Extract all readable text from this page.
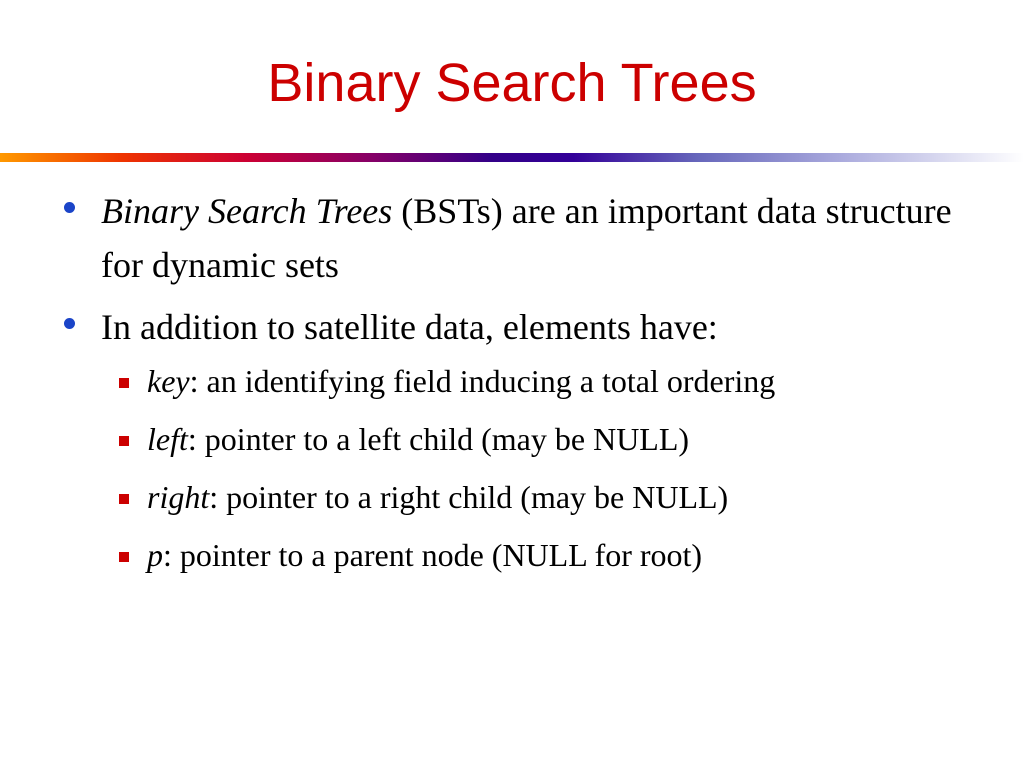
Binary Search Trees
Binary Search Trees (BSTs) are an important data structure for dynamic sets
In addition to satellite data, elements have:
key: an identifying field inducing a total ordering
left: pointer to a left child (may be NULL)
right: pointer to a right child (may be NULL)
p: pointer to a parent node (NULL for root)
